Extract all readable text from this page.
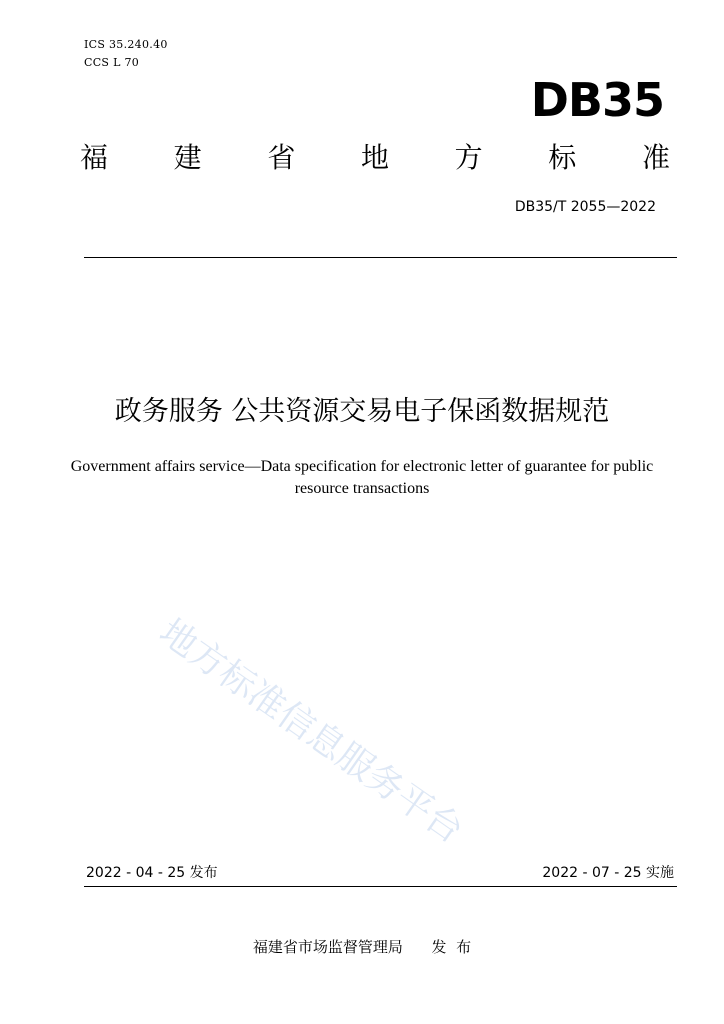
ICS 35.240.40
CCS L 70
DB35
福 建 省 地 方 标 准
DB35/T 2055—2022
政务服务 公共资源交易电子保函数据规范
Government affairs service—Data specification for electronic letter of guarantee for public resource transactions
地方标准信息服务平台
2022 - 04 - 25 发布	2022 - 07 - 25 实施
福建省市场监督管理局      发  布
